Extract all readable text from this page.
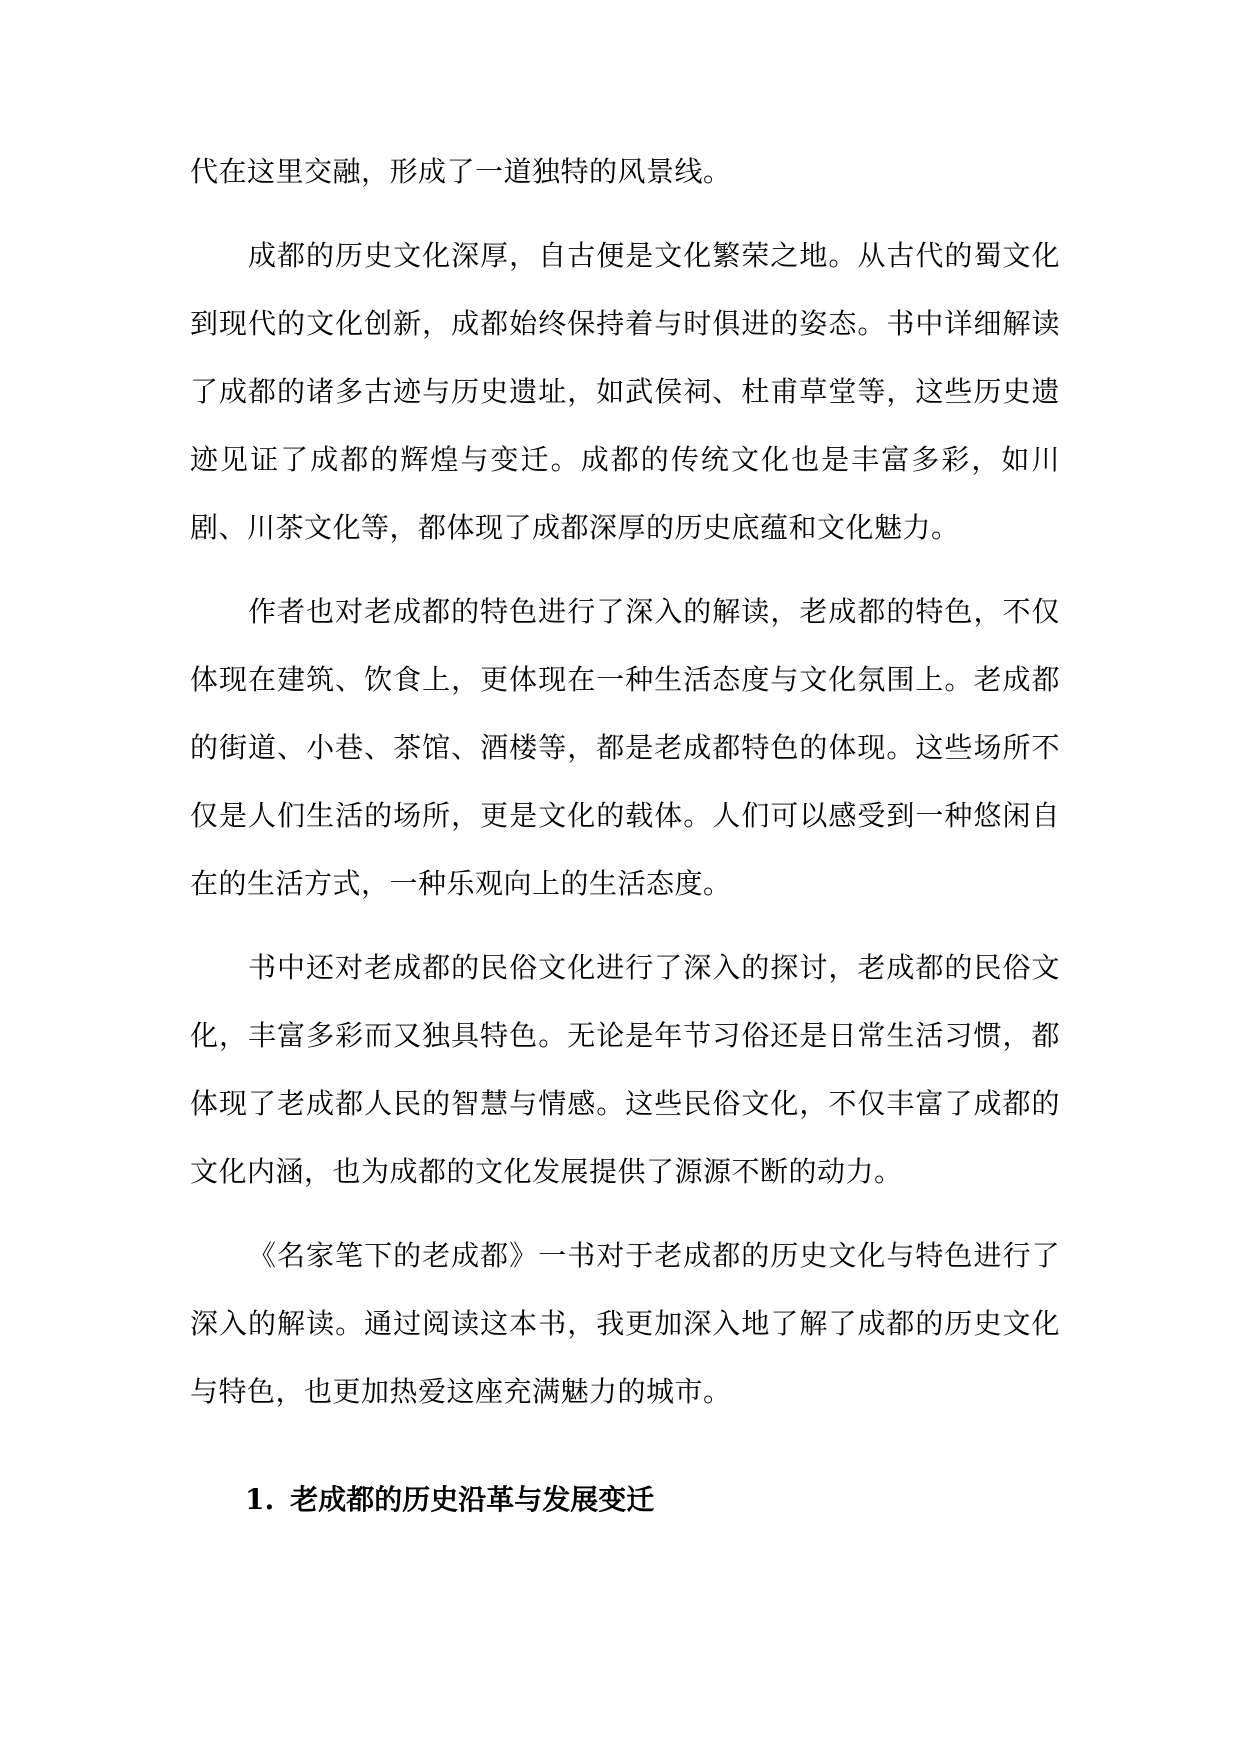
代在这里交融，形成了一道独特的风景线。

成都的历史文化深厚，自古便是文化繁荣之地。从古代的蜀文化到现代的文化创新，成都始终保持着与时俱进的姿态。书中详细解读了成都的诸多古迹与历史遗址，如武侯祠、杜甫草堂等，这些历史遗迹见证了成都的辉煌与变迁。成都的传统文化也是丰富多彩，如川剧、川茶文化等，都体现了成都深厚的历史底蕴和文化魅力。

作者也对老成都的特色进行了深入的解读，老成都的特色，不仅体现在建筑、饮食上，更体现在一种生活态度与文化氛围上。老成都的街道、小巷、茶馆、酒楼等，都是老成都特色的体现。这些场所不仅是人们生活的场所，更是文化的载体。人们可以感受到一种悠闲自在的生活方式，一种乐观向上的生活态度。

书中还对老成都的民俗文化进行了深入的探讨，老成都的民俗文化，丰富多彩而又独具特色。无论是年节习俗还是日常生活习惯，都体现了老成都人民的智慧与情感。这些民俗文化，不仅丰富了成都的文化内涵，也为成都的文化发展提供了源源不断的动力。

《名家笔下的老成都》一书对于老成都的历史文化与特色进行了深入的解读。通过阅读这本书，我更加深入地了解了成都的历史文化与特色，也更加热爱这座充满魅力的城市。

1. 老成都的历史沿革与发展变迁
